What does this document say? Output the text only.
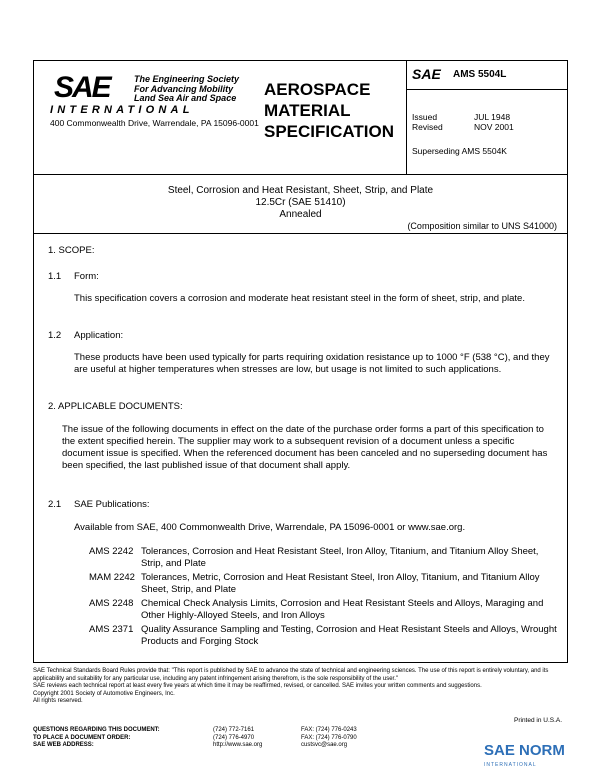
SAE	The Engineering Society
For Advancing Mobility
Land Sea Air and Space
INTERNATIONAL
400 Commonwealth Drive, Warrendale, PA 15096-0001
AEROSPACE
MATERIAL
SPECIFICATION
SAE AMS 5504L
Issued	JUL 1948
Revised	NOV 2001
Superseding AMS 5504K
Steel, Corrosion and Heat Resistant, Sheet, Strip, and Plate
12.5Cr (SAE 51410)
Annealed
(Composition similar to UNS S41000)
1. SCOPE:
1.1 Form:

This specification covers a corrosion and moderate heat resistant steel in the form of sheet, strip, and plate.

1.2 Application:

These products have been used typically for parts requiring oxidation resistance up to 1000 °F (538 °C), and they are useful at higher temperatures when stresses are low, but usage is not limited to such applications.

2. APPLICABLE DOCUMENTS:

The issue of the following documents in effect on the date of the purchase order forms a part of this specification to the extent specified herein. The supplier may work to a subsequent revision of a document unless a specific document issue is specified. When the referenced document has been canceled and no superseding document has been specified, the last published issue of that document shall apply.

2.1 SAE Publications:

Available from SAE, 400 Commonwealth Drive, Warrendale, PA 15096-0001 or www.sae.org.

AMS 2242 Tolerances, Corrosion and Heat Resistant Steel, Iron Alloy, Titanium, and Titanium Alloy Sheet, Strip, and Plate
MAM 2242 Tolerances, Metric, Corrosion and Heat Resistant Steel, Iron Alloy, Titanium, and Titanium Alloy Sheet, Strip, and Plate
AMS 2248 Chemical Check Analysis Limits, Corrosion and Heat Resistant Steels and Alloys, Maraging and Other Highly-Alloyed Steels, and Iron Alloys
AMS 2371 Quality Assurance Sampling and Testing, Corrosion and Heat Resistant Steels and Alloys, Wrought Products and Forging Stock

SAE Technical Standards Board Rules provide that: "This report is published by SAE to advance the state of technical and engineering sciences. The use of this report is entirely voluntary, and its applicability and suitability for any particular use, including any patent infringement arising therefrom, is the sole responsibility of the user."

SAE reviews each technical report at least every five years at which time it may be reaffirmed, revised, or cancelled. SAE invites your written comments and suggestions.

Copyright 2001 Society of Automotive Engineers, Inc.

All rights reserved.

Printed in U.S.A.
QUESTIONS REGARDING THIS DOCUMENT:	(724) 772-7161	FAX: (724) 776-0243
TO PLACE A DOCUMENT ORDER:	(724) 776-4970	FAX: (724) 776-0790
SAE WEB ADDRESS:	http://www.sae.org	custsvc@sae.org	SAE NORM
INTERNATIONAL
